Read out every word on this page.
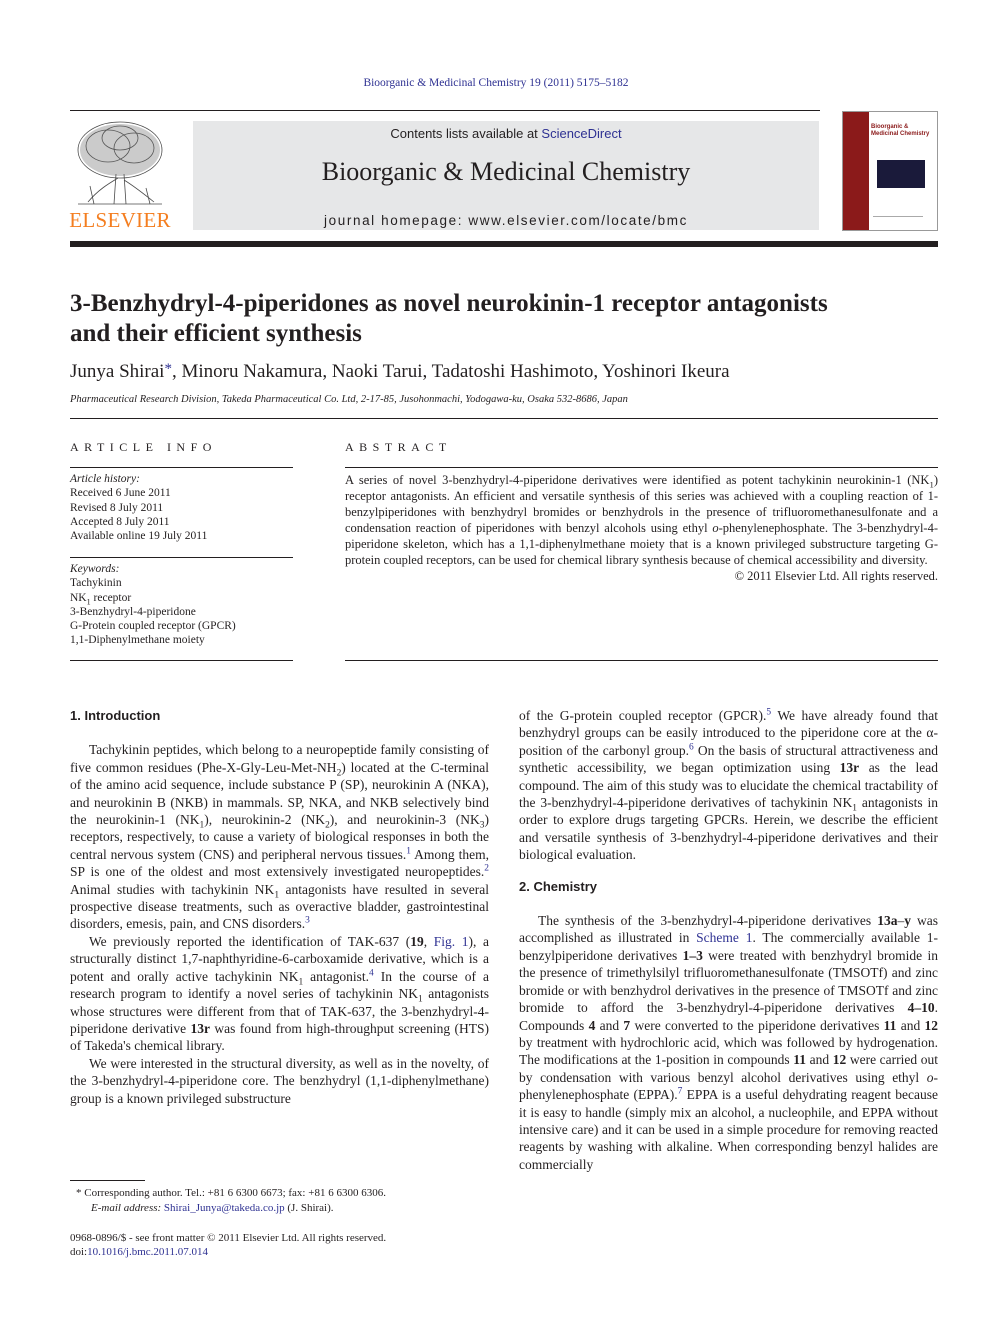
Bioorganic & Medicinal Chemistry 19 (2011) 5175–5182
ELSEVIER
Contents lists available at ScienceDirect
Bioorganic & Medicinal Chemistry
journal homepage: www.elsevier.com/locate/bmc
Bioorganic & Medicinal Chemistry
3-Benzhydryl-4-piperidones as novel neurokinin-1 receptor antagonists
and their efficient synthesis
Junya Shirai*, Minoru Nakamura, Naoki Tarui, Tadatoshi Hashimoto, Yoshinori Ikeura
Pharmaceutical Research Division, Takeda Pharmaceutical Co. Ltd, 2-17-85, Jusohonmachi, Yodogawa-ku, Osaka 532-8686, Japan
ARTICLE INFO
Article history:
Received 6 June 2011
Revised 8 July 2011
Accepted 8 July 2011
Available online 19 July 2011
Keywords:
Tachykinin
$NK_1$ receptor
3-Benzhydryl-4-piperidone
G-Protein coupled receptor (GPCR)
1,1-Diphenylmethane moiety
ABSTRACT
A series of novel 3-benzhydryl-4-piperidone derivatives were identified as potent tachykinin neurokinin-1 $(NK_1)$ receptor antagonists. An efficient and versatile synthesis of this series was achieved with a coupling reaction of 1-benzylpiperidones with benzhydryl bromides or benzhydrols in the presence of trifluoromethanesulfonate and a condensation reaction of piperidones with benzyl alcohols using ethyl o-phenylenephosphate. The 3-benzhydryl-4-piperidone skeleton, which has a 1,1-diphenylmethane moiety that is a known privileged substructure targeting G-protein coupled receptors, can be used for chemical library synthesis because of chemical accessibility and diversity.
© 2011 Elsevier Ltd. All rights reserved.
1. Introduction

Tachykinin peptides, which belong to a neuropeptide family consisting of five common residues $(Phe-X-Gly-Leu-Met-NH_2)$ located at the C-terminal of the amino acid sequence, include substance P (SP), neurokinin A (NKA), and neurokinin B (NKB) in mammals. SP, NKA, and NKB selectively bind the neurokinin-1 $(NK_1)$, neurokinin-2 $(NK_2)$, and neurokinin-3 $(NK_3)$ receptors, respectively, to cause a variety of biological responses in both the central nervous system (CNS) and peripheral nervous tissues.$^1$ Among them, SP is one of the oldest and most extensively investigated neuropeptides.$^2$ Animal studies with tachykinin $NK_1$ antagonists have resulted in several prospective disease treatments, such as overactive bladder, gastrointestinal disorders, emesis, pain, and CNS disorders.$^3$

We previously reported the identification of TAK-637 (19, Fig. 1), a structurally distinct 1,7-naphthyridine-6-carboxamide derivative, which is a potent and orally active tachykinin $NK_1$ antagonist.$^4$ In the course of a research program to identify a novel series of tachykinin $NK_1$ antagonists whose structures were different from that of TAK-637, the 3-benzhydryl-4-piperidone derivative 13r was found from high-throughput screening (HTS) of Takeda's chemical library.

We were interested in the structural diversity, as well as in the novelty, of the 3-benzhydryl-4-piperidone core. The benzhydryl (1,1-diphenylmethane) group is a known privileged substructure

of the G-protein coupled receptor (GPCR).$^5$ We have already found that benzhydryl groups can be easily introduced to the piperidone core at the α-position of the carbonyl group.$^6$ On the basis of structural attractiveness and synthetic accessibility, we began optimization using 13r as the lead compound. The aim of this study was to elucidate the chemical tractability of the 3-benzhydryl-4-piperidone derivatives of tachykinin $NK_1$ antagonists in order to explore drugs targeting GPCRs. Herein, we describe the efficient and versatile synthesis of 3-benzhydryl-4-piperidone derivatives and their biological evaluation.

2. Chemistry

The synthesis of the 3-benzhydryl-4-piperidone derivatives 13a–y was accomplished as illustrated in Scheme 1. The commercially available 1-benzylpiperidone derivatives 1–3 were treated with benzhydryl bromide in the presence of trimethylsilyl trifluoromethanesulfonate (TMSOTf) and zinc bromide or with benzhydrol derivatives in the presence of TMSOTf and zinc bromide to afford the 3-benzhydryl-4-piperidone derivatives 4–10. Compounds 4 and 7 were converted to the piperidone derivatives 11 and 12 by treatment with hydrochloric acid, which was followed by hydrogenation. The modifications at the 1-position in compounds 11 and 12 were carried out by condensation with various benzyl alcohol derivatives using ethyl o-phenylenephosphate (EPPA).$^7$ EPPA is a useful dehydrating reagent because it is easy to handle (simply mix an alcohol, a nucleophile, and EPPA without intensive care) and it can be used in a simple procedure for removing reacted reagents by washing with alkaline. When corresponding benzyl halides are commercially

* Corresponding author. Tel.: +81 6 6300 6673; fax: +81 6 6300 6306.
E-mail address: Shirai_Junya@takeda.co.jp (J. Shirai).
0968-0896/$ - see front matter © 2011 Elsevier Ltd. All rights reserved.
doi:10.1016/j.bmc.2011.07.014
